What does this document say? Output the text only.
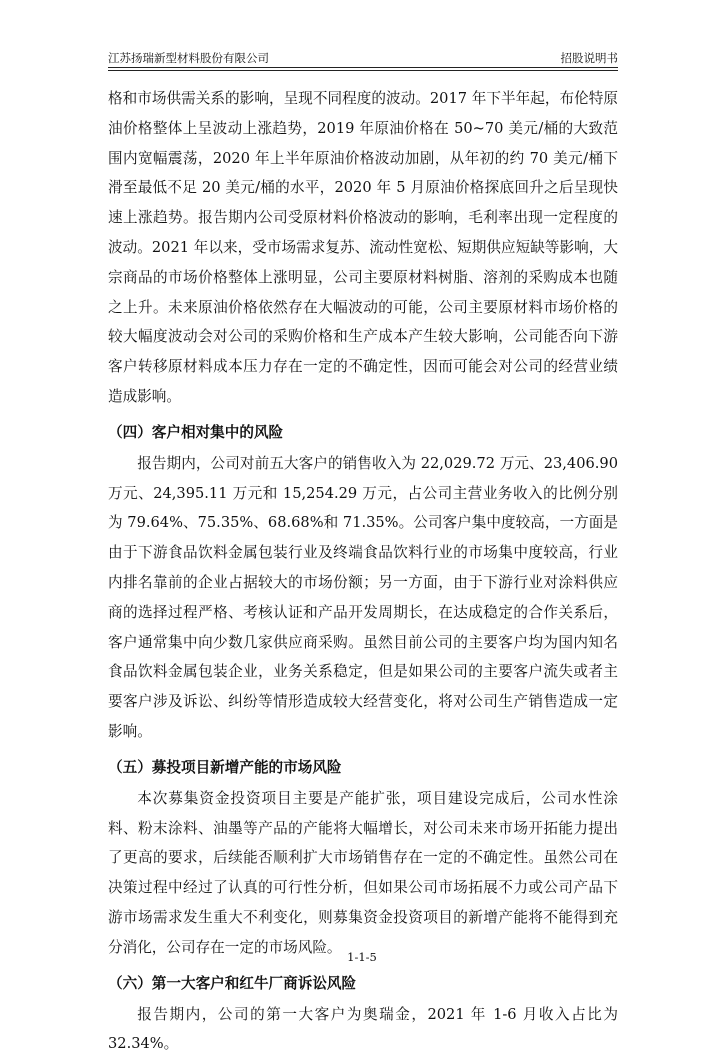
江苏扬瑞新型材料股份有限公司	招股说明书

格和市场供需关系的影响，呈现不同程度的波动。2017 年下半年起，布伦特原油价格整体上呈波动上涨趋势，2019 年原油价格在 50~70 美元/桶的大致范围内宽幅震荡，2020 年上半年原油价格波动加剧，从年初的约 70 美元/桶下滑至最低不足 20 美元/桶的水平，2020 年 5 月原油价格探底回升之后呈现快速上涨趋势。报告期内公司受原材料价格波动的影响，毛利率出现一定程度的波动。2021 年以来，受市场需求复苏、流动性宽松、短期供应短缺等影响，大宗商品的市场价格整体上涨明显，公司主要原材料树脂、溶剂的采购成本也随之上升。未来原油价格依然存在大幅波动的可能，公司主要原材料市场价格的较大幅度波动会对公司的采购价格和生产成本产生较大影响，公司能否向下游客户转移原材料成本压力存在一定的不确定性，因而可能会对公司的经营业绩造成影响。

（四）客户相对集中的风险

报告期内，公司对前五大客户的销售收入为 22,029.72 万元、23,406.90 万元、24,395.11 万元和 15,254.29 万元，占公司主营业务收入的比例分别为 79.64%、75.35%、68.68%和 71.35%。公司客户集中度较高，一方面是由于下游食品饮料金属包装行业及终端食品饮料行业的市场集中度较高，行业内排名靠前的企业占据较大的市场份额；另一方面，由于下游行业对涂料供应商的选择过程严格、考核认证和产品开发周期长，在达成稳定的合作关系后，客户通常集中向少数几家供应商采购。虽然目前公司的主要客户均为国内知名食品饮料金属包装企业，业务关系稳定，但是如果公司的主要客户流失或者主要客户涉及诉讼、纠纷等情形造成较大经营变化，将对公司生产销售造成一定影响。

（五）募投项目新增产能的市场风险

本次募集资金投资项目主要是产能扩张，项目建设完成后，公司水性涂料、粉末涂料、油墨等产品的产能将大幅增长，对公司未来市场开拓能力提出了更高的要求，后续能否顺利扩大市场销售存在一定的不确定性。虽然公司在决策过程中经过了认真的可行性分析，但如果公司市场拓展不力或公司产品下游市场需求发生重大不利变化，则募集资金投资项目的新增产能将不能得到充分消化，公司存在一定的市场风险。

（六）第一大客户和红牛厂商诉讼风险

报告期内，公司的第一大客户为奥瑞金，2021 年 1-6 月收入占比为 32.34%。

1-1-5
